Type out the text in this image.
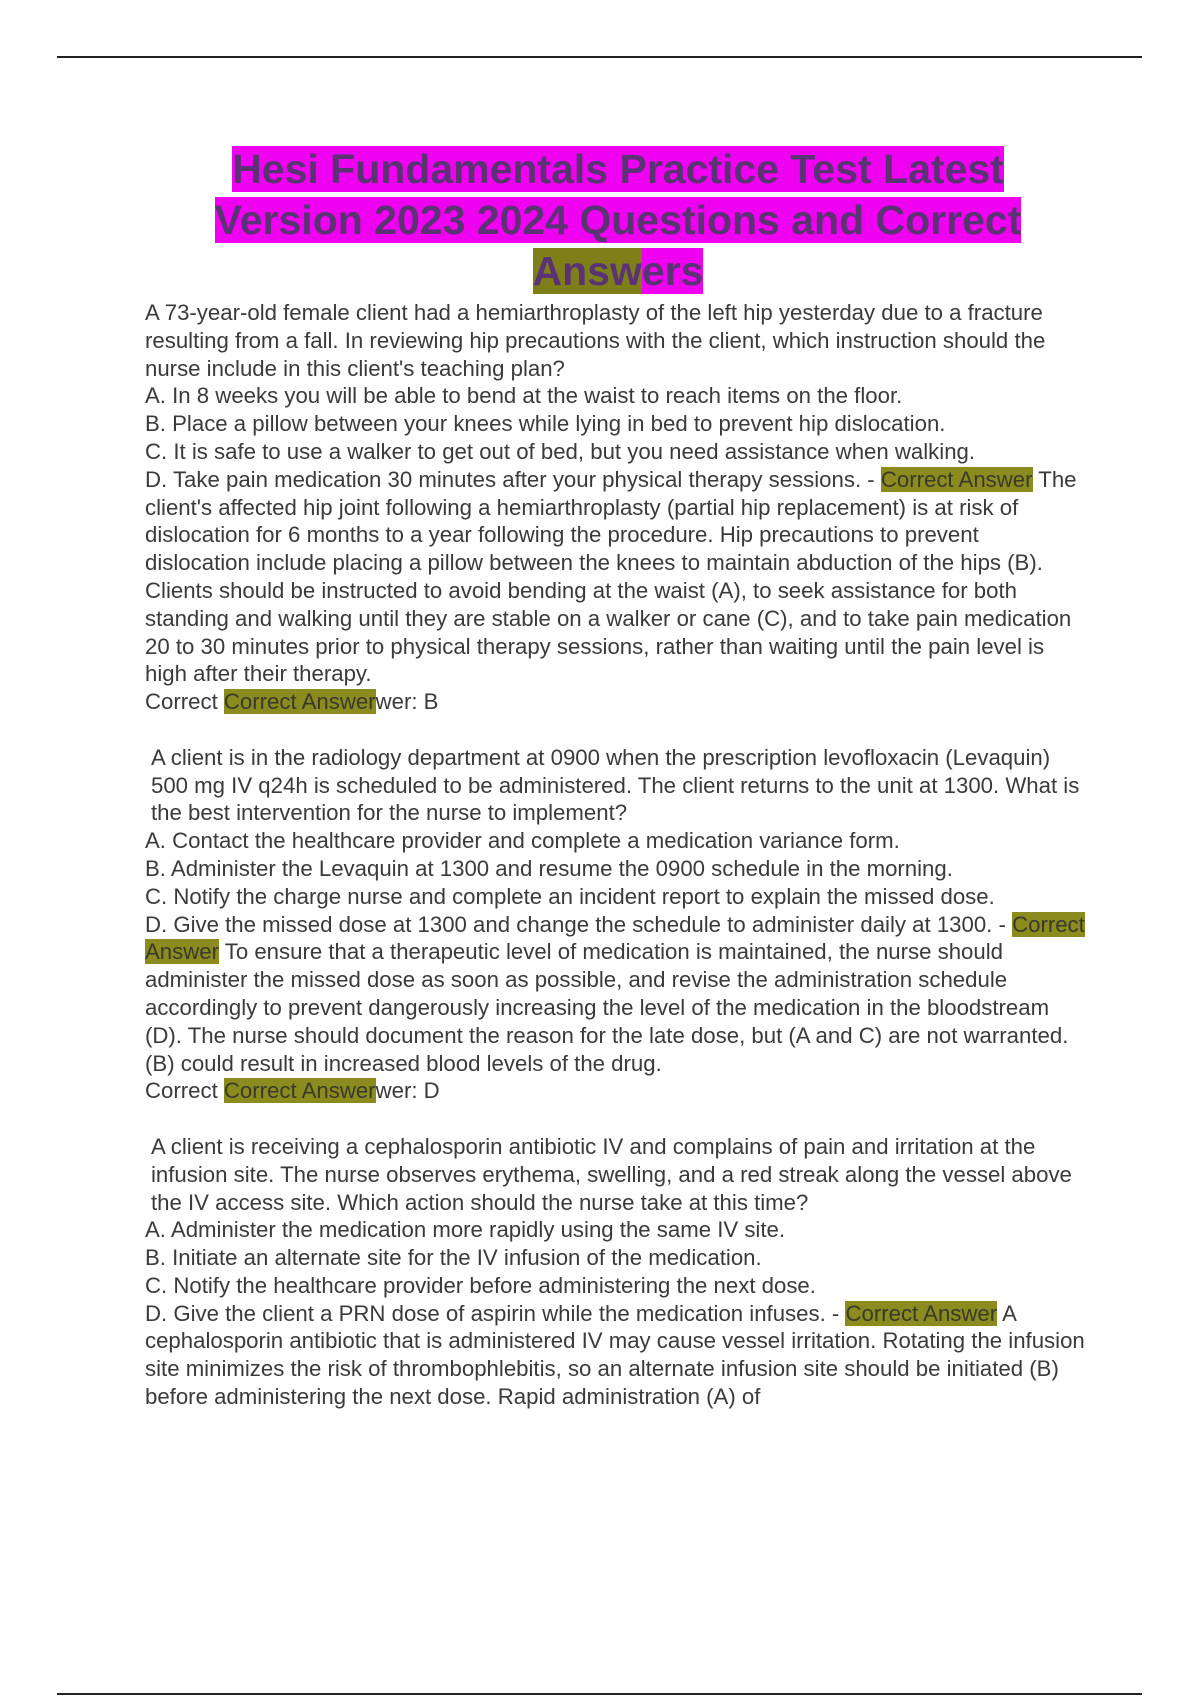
Hesi Fundamentals Practice Test Latest
Version 2023 2024 Questions and Correct
Answers

A 73-year-old female client had a hemiarthroplasty of the left hip yesterday due to a fracture resulting from a fall. In reviewing hip precautions with the client, which instruction should the nurse include in this client's teaching plan?

A. In 8 weeks you will be able to bend at the waist to reach items on the floor.

B. Place a pillow between your knees while lying in bed to prevent hip dislocation.

C. It is safe to use a walker to get out of bed, but you need assistance when walking.

D. Take pain medication 30 minutes after your physical therapy sessions. - Correct Answer The client's affected hip joint following a hemiarthroplasty (partial hip replacement) is at risk of dislocation for 6 months to a year following the procedure. Hip precautions to prevent dislocation include placing a pillow between the knees to maintain abduction of the hips (B). Clients should be instructed to avoid bending at the waist (A), to seek assistance for both standing and walking until they are stable on a walker or cane (C), and to take pain medication 20 to 30 minutes prior to physical therapy sessions, rather than waiting until the pain level is high after their therapy.

Correct Correct Answerwer: B

A client is in the radiology department at 0900 when the prescription levofloxacin (Levaquin) 500 mg IV q24h is scheduled to be administered. The client returns to the unit at 1300. What is the best intervention for the nurse to implement?

A. Contact the healthcare provider and complete a medication variance form.

B. Administer the Levaquin at 1300 and resume the 0900 schedule in the morning.

C. Notify the charge nurse and complete an incident report to explain the missed dose.

D. Give the missed dose at 1300 and change the schedule to administer daily at 1300. - Correct Answer To ensure that a therapeutic level of medication is maintained, the nurse should administer the missed dose as soon as possible, and revise the administration schedule accordingly to prevent dangerously increasing the level of the medication in the bloodstream (D). The nurse should document the reason for the late dose, but (A and C) are not warranted. (B) could result in increased blood levels of the drug.

Correct Correct Answerwer: D

A client is receiving a cephalosporin antibiotic IV and complains of pain and irritation at the infusion site. The nurse observes erythema, swelling, and a red streak along the vessel above the IV access site. Which action should the nurse take at this time?

A. Administer the medication more rapidly using the same IV site.

B. Initiate an alternate site for the IV infusion of the medication.

C. Notify the healthcare provider before administering the next dose.

D. Give the client a PRN dose of aspirin while the medication infuses. - Correct Answer A cephalosporin antibiotic that is administered IV may cause vessel irritation. Rotating the infusion site minimizes the risk of thrombophlebitis, so an alternate infusion site should be initiated (B) before administering the next dose. Rapid administration (A) of
